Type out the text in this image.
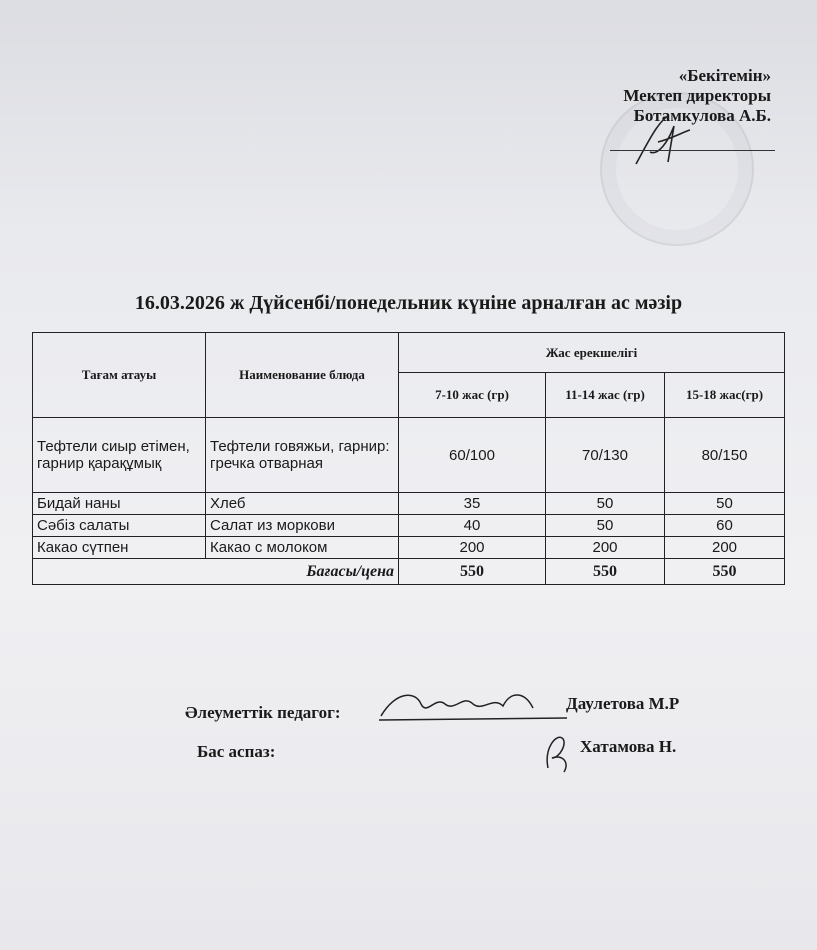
«Бекітемін»
Мектеп директоры
Ботамкулова А.Б.
16.03.2026 ж Дүйсенбі/понедельник күніне арналған ас мәзір
Тағам атауы	Наименование блюда	Жас ерекшелігі		
		7-10 жас (гр)	11-14 жас (гр)	15-18 жас(гр)
Тефтели сиыр етімен, гарнир қарақұмық	Тефтели говяжьи, гарнир: гречка отварная	60/100	70/130	80/150
Бидай наны	Хлеб	35	50	50
Сәбіз салаты	Салат из моркови	40	50	60
Какао сүтпен	Какао с молоком	200	200	200
Бағасы/цена		550	550	550
Әлеуметтік педагог:	Даулетова М.Р
Бас аспаз:	Хатамова Н.
